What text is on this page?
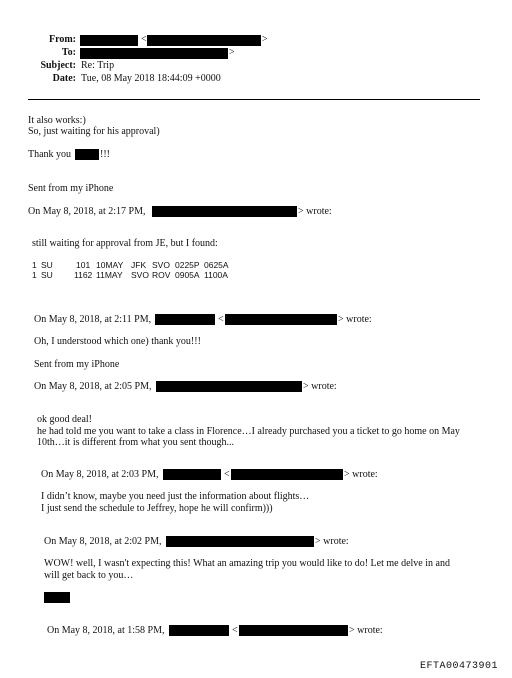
From:	<	>
To:	>
Subject: Re: Trip
Date: Tue, 08 May 2018 18:44:09 +0000
It also works:)
So, just waiting for his approval)
Thank you	!!!
Sent from my iPhone
On May 8, 2018, at 2:17 PM,	> wrote:
still waiting for approval from JE, but I found:
1 SU	101 10MAY JFK SVO 0225P 0625A
1 SU 1162 11MAY SVO ROV 0905A 1100A
On May 8, 2018, at 2:11 PM,	<	> wrote:
Oh, I understood which one) thank you!!!
Sent from my iPhone
On May 8, 2018, at 2:05 PM,	> wrote:
ok good deal!
he had told me you want to take a class in Florence…I already purchased you a ticket to go home on May
10th…it is different from what you sent though...
On May 8, 2018, at 2:03 PM,	<	> wrote:
I didn’t know, maybe you need just the information about flights…
I just send the schedule to Jeffrey, hope he will confirm)))
On May 8, 2018, at 2:02 PM,	> wrote:
WOW! well, I wasn't expecting this! What an amazing trip you would like to do! Let me delve in and
will get back to you…
On May 8, 2018, at 1:58 PM,	<	> wrote:
EFTA00473901
